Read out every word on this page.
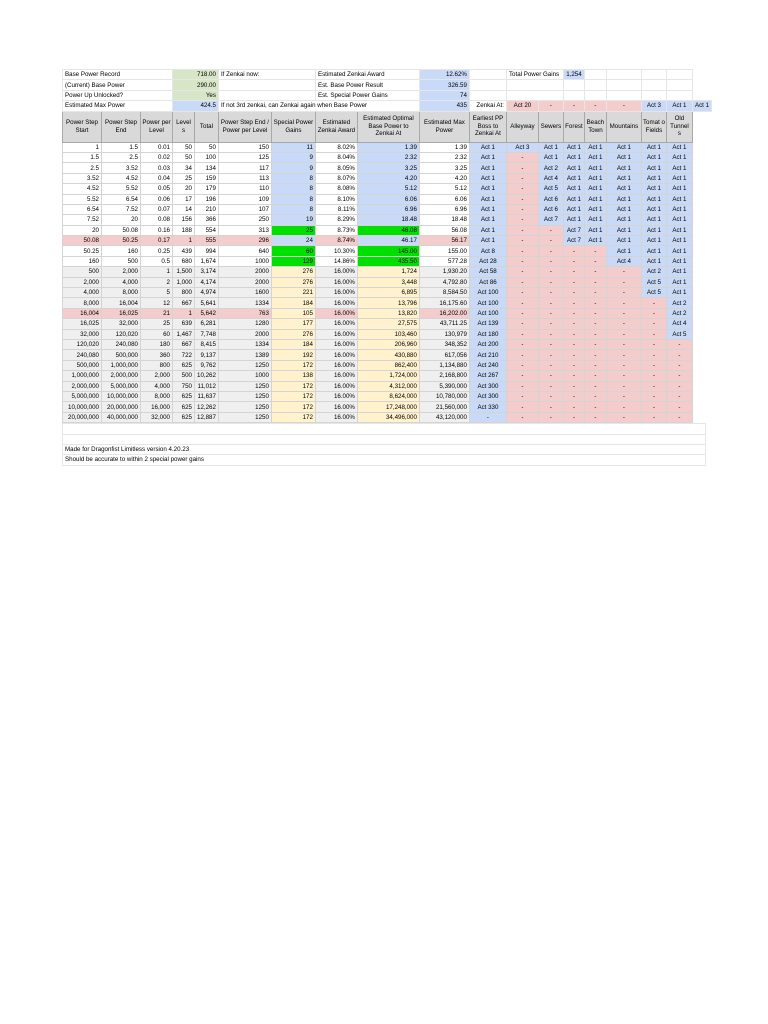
Base Power Record			718.00		If Zenkai now:		Estimated Zenkai Award		12.62%		Total Power Gains		1,254					
(Current) Base Power			290.00				Est. Base Power Result		326.59									
Power Up Unlocked?			Yes				Est. Special Power Gains		74									
Estimated Max Power			424.5		If not 3rd zenkai, can Zenkai again when Base Power				435	Zenkai At:	Act 20	-	-	-	-	Act 3	Act 1	Act 1
Power Step Start	Power Step End	Power per Level	Level s	Total	Power Step End / Power per Level	Special Power Gains	Estimated Zenkai Award	Estimated Optimal Base Power to Zenkai At	Estimated Max Power	Earliest PP Boss to Zenkai At	Alleyway	Sewers	Forest	Beach Town	Mountains	Tomat o Fields	Old Tunnel s	
1	1.5	0.01	50	50	150	11	8.02%	1.39	1.39	Act 1	Act 3	Act 1	Act 1	Act 1	Act 1	Act 1	Act 1	
1.5	2.5	0.02	50	100	125	9	8.04%	2.32	2.32	Act 1	-	Act 1	Act 1	Act 1	Act 1	Act 1	Act 1	
2.5	3.52	0.03	34	134	117	9	8.05%	3.25	3.25	Act 1	-	Act 2	Act 1	Act 1	Act 1	Act 1	Act 1	
3.52	4.52	0.04	25	159	113	8	8.07%	4.20	4.20	Act 1	-	Act 4	Act 1	Act 1	Act 1	Act 1	Act 1	
4.52	5.52	0.05	20	179	110	8	8.08%	5.12	5.12	Act 1	-	Act 5	Act 1	Act 1	Act 1	Act 1	Act 1	
5.52	6.54	0.06	17	196	109	8	8.10%	6.06	6.06	Act 1	-	Act 6	Act 1	Act 1	Act 1	Act 1	Act 1	
6.54	7.52	0.07	14	210	107	8	8.11%	6.96	6.96	Act 1	-	Act 6	Act 1	Act 1	Act 1	Act 1	Act 1	
7.52	20	0.08	156	366	250	19	8.29%	18.48	18.48	Act 1	-	Act 7	Act 1	Act 1	Act 1	Act 1	Act 1	
20	50.08	0.16	188	554	313	25	8.73%	46.08	56.08	Act 1	-	-	Act 7	Act 1	Act 1	Act 1	Act 1	
50.08	50.25	0.17	1	555	296	24	8.74%	46.17	56.17	Act 1	-	-	Act 7	Act 1	Act 1	Act 1	Act 1	
50.25	160	0.25	439	994	640	60	10.30%	145.00	155.00	Act 8	-	-	-	-	Act 1	Act 1	Act 1	
160	500	0.5	680	1,674	1000	129	14.86%	435.50	577.28	Act 28	-	-	-	-	Act 4	Act 1	Act 1	
500	2,000	1	1,500	3,174	2000	276	16.00%	1,724	1,930.20	Act 58	-	-	-	-	-	Act 2	Act 1	
2,000	4,000	2	1,000	4,174	2000	276	16.00%	3,448	4,792.80	Act 86	-	-	-	-	-	Act 5	Act 1	
4,000	8,000	5	800	4,974	1600	221	16.00%	6,895	8,584.50	Act 100	-	-	-	-	-	Act 5	Act 1	
8,000	16,004	12	667	5,641	1334	184	16.00%	13,796	16,175.60	Act 100	-	-	-	-	-	-	Act 2	
16,004	16,025	21	1	5,642	763	105	16.00%	13,820	16,202.00	Act 100	-	-	-	-	-	-	Act 2	
16,025	32,000	25	639	6,281	1280	177	16.00%	27,575	43,711.25	Act 139	-	-	-	-	-	-	Act 4	
32,000	120,020	60	1,467	7,748	2000	276	16.00%	103,460	130,979	Act 180	-	-	-	-	-	-	Act 5	
120,020	240,080	180	667	8,415	1334	184	16.00%	206,960	348,352	Act 200	-	-	-	-	-	-	-	
240,080	500,000	360	722	9,137	1389	192	16.00%	430,880	617,056	Act 210	-	-	-	-	-	-	-	
500,000	1,000,000	800	625	9,762	1250	172	16.00%	862,400	1,134,880	Act 240	-	-	-	-	-	-	-	
1,000,000	2,000,000	2,000	500	10,262	1000	138	16.00%	1,724,000	2,168,800	Act 267	-	-	-	-	-	-	-	
2,000,000	5,000,000	4,000	750	11,012	1250	172	16.00%	4,312,000	5,390,000	Act 300	-	-	-	-	-	-	-	
5,000,000	10,000,000	8,000	625	11,637	1250	172	16.00%	8,624,000	10,780,000	Act 300	-	-	-	-	-	-	-	
10,000,000	20,000,000	16,000	625	12,262	1250	172	16.00%	17,248,000	21,560,000	Act 330	-	-	-	-	-	-	-	
20,000,000	40,000,000	32,000	625	12,887	1250	172	16.00%	34,496,000	43,120,000	-	-	-	-	-	-	-	-	

Made for Dragonfist Limitless version 4.20.23
Should be accurate to within 2 special power gains
